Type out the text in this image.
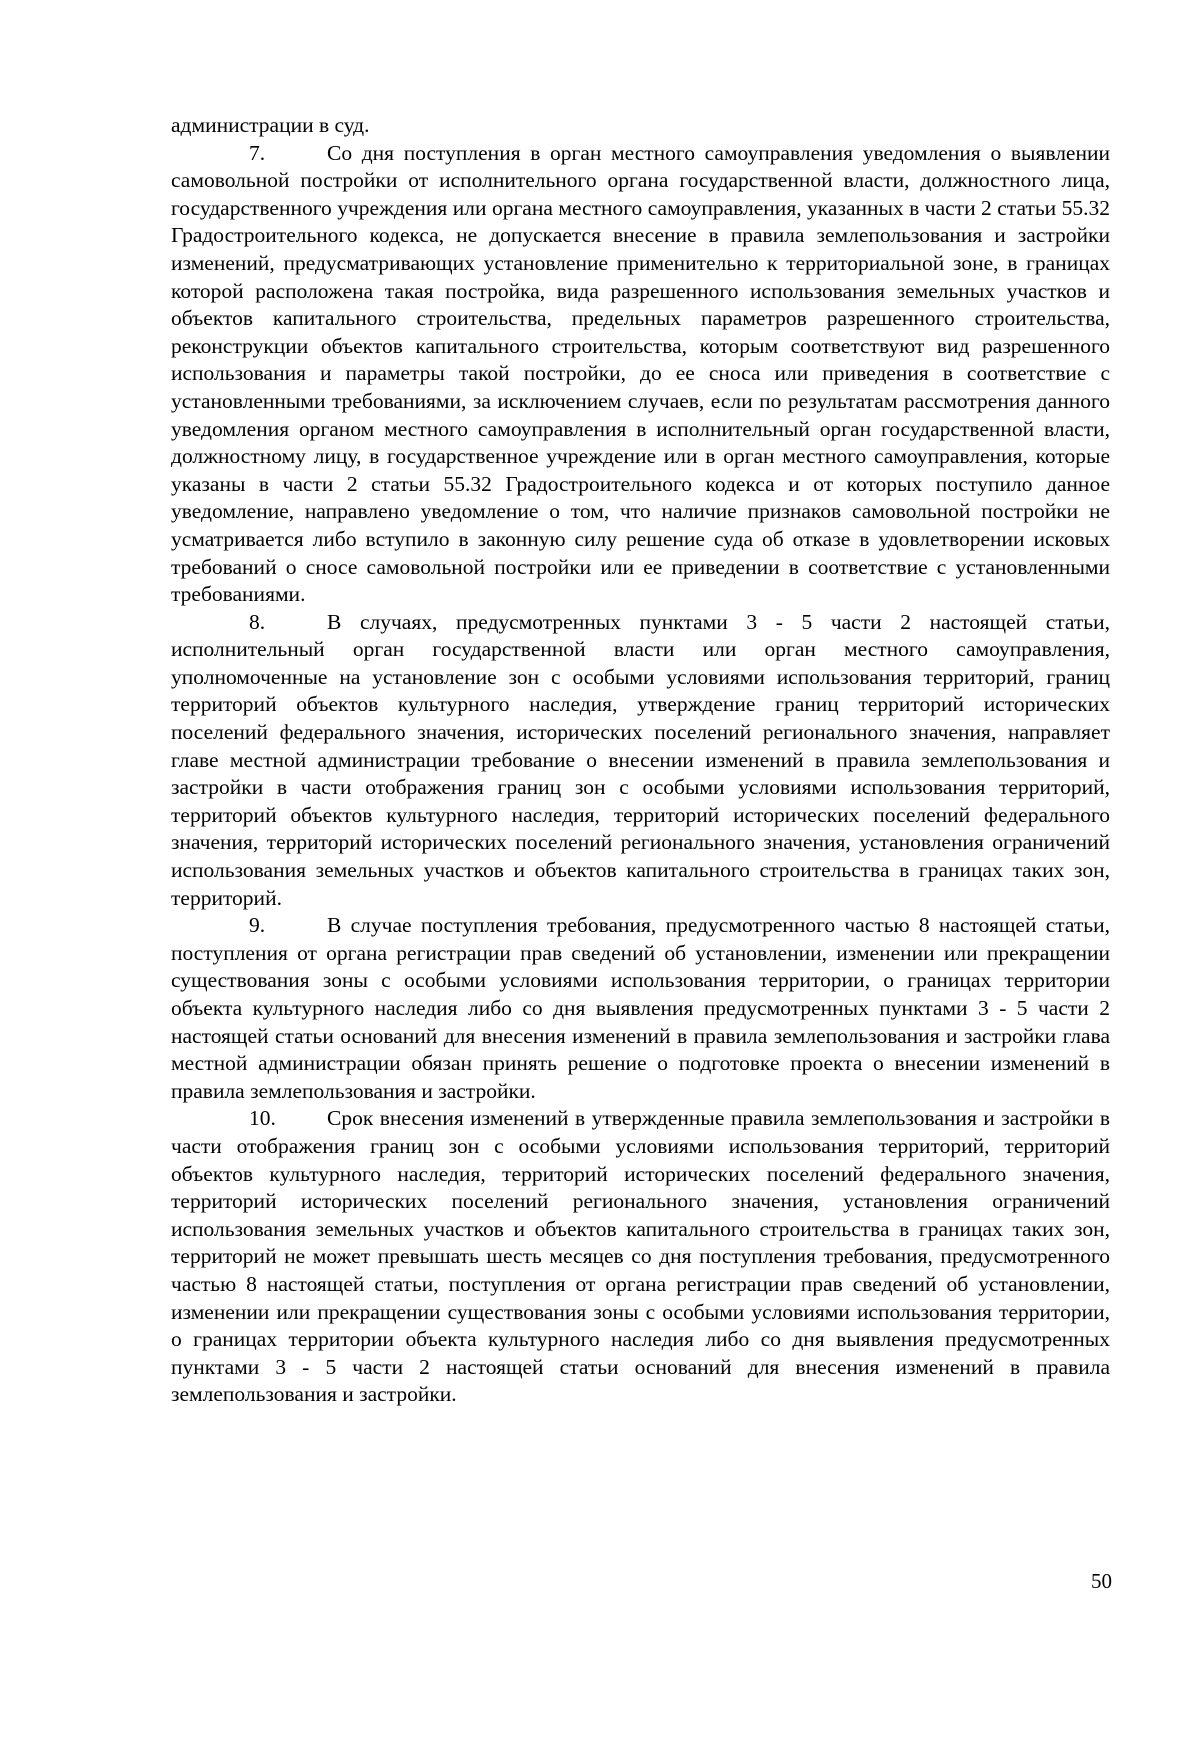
администрации в суд.

7.	Со дня поступления в орган местного самоуправления уведомления о выявлении самовольной постройки от исполнительного органа государственной власти, должностного лица, государственного учреждения или органа местного самоуправления, указанных в части 2 статьи 55.32 Градостроительного кодекса, не допускается внесение в правила землепользования и застройки изменений, предусматривающих установление применительно к территориальной зоне, в границах которой расположена такая постройка, вида разрешенного использования земельных участков и объектов капитального строительства, предельных параметров разрешенного строительства, реконструкции объектов капитального строительства, которым соответствуют вид разрешенного использования и параметры такой постройки, до ее сноса или приведения в соответствие с установленными требованиями, за исключением случаев, если по результатам рассмотрения данного уведомления органом местного самоуправления в исполнительный орган государственной власти, должностному лицу, в государственное учреждение или в орган местного самоуправления, которые указаны в части 2 статьи 55.32 Градостроительного кодекса и от которых поступило данное уведомление, направлено уведомление о том, что наличие признаков самовольной постройки не усматривается либо вступило в законную силу решение суда об отказе в удовлетворении исковых требований о сносе самовольной постройки или ее приведении в соответствие с установленными требованиями.

8.	В случаях, предусмотренных пунктами 3 - 5 части 2 настоящей статьи, исполнительный орган государственной власти или орган местного самоуправления, уполномоченные на установление зон с особыми условиями использования территорий, границ территорий объектов культурного наследия, утверждение границ территорий исторических поселений федерального значения, исторических поселений регионального значения, направляет главе местной администрации требование о внесении изменений в правила землепользования и застройки в части отображения границ зон с особыми условиями использования территорий, территорий объектов культурного наследия, территорий исторических поселений федерального значения, территорий исторических поселений регионального значения, установления ограничений использования земельных участков и объектов капитального строительства в границах таких зон, территорий.

9.	В случае поступления требования, предусмотренного частью 8 настоящей статьи, поступления от органа регистрации прав сведений об установлении, изменении или прекращении существования зоны с особыми условиями использования территории, о границах территории объекта культурного наследия либо со дня выявления предусмотренных пунктами 3 - 5 части 2 настоящей статьи оснований для внесения изменений в правила землепользования и застройки глава местной администрации обязан принять решение о подготовке проекта о внесении изменений в правила землепользования и застройки.

10. Срок внесения изменений в утвержденные правила землепользования и застройки в части отображения границ зон с особыми условиями использования территорий, территорий объектов культурного наследия, территорий исторических поселений федерального значения, территорий исторических поселений регионального значения, установления ограничений использования земельных участков и объектов капитального строительства в границах таких зон, территорий не может превышать шесть месяцев со дня поступления требования, предусмотренного частью 8 настоящей статьи, поступления от органа регистрации прав сведений об установлении, изменении или прекращении существования зоны с особыми условиями использования территории, о границах территории объекта культурного наследия либо со дня выявления предусмотренных пунктами 3 - 5 части 2 настоящей статьи оснований для внесения изменений в правила землепользования и застройки.

50
